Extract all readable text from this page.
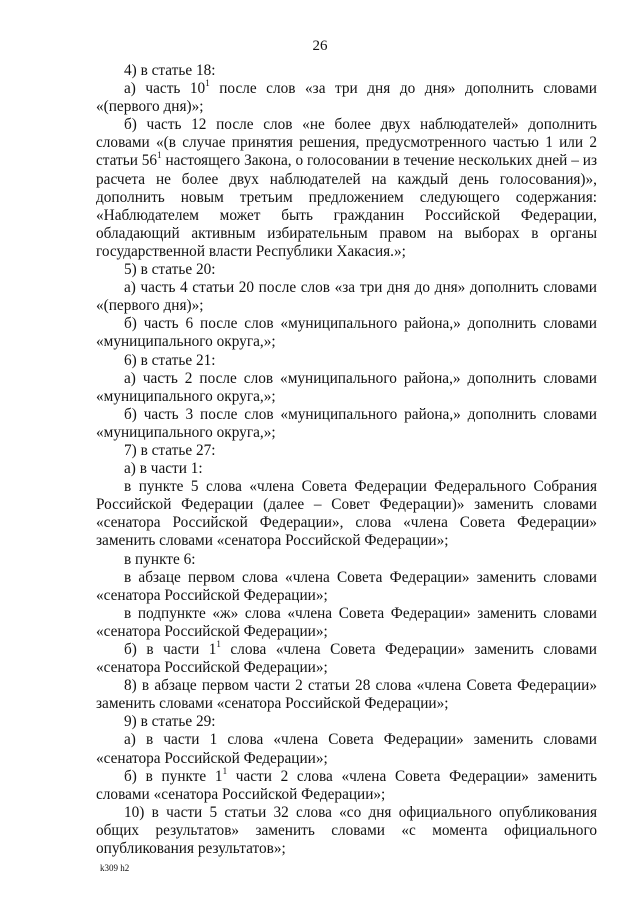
26

4) в статье 18:

а) часть $10^1$ после слов «за три дня до дня» дополнить словами «(первого дня)»;

б) часть 12 после слов «не более двух наблюдателей» дополнить словами «(в случае принятия решения, предусмотренного частью 1 или 2 статьи $56^1$ настоящего Закона, о голосовании в течение нескольких дней – из расчета не более двух наблюдателей на каждый день голосования)», дополнить новым третьим предложением следующего содержания: «Наблюдателем может быть гражданин Российской Федерации, обладающий активным избирательным правом на выборах в органы государственной власти Республики Хакасия.»;

5) в статье 20:

а) часть 4 статьи 20 после слов «за три дня до дня» дополнить словами «(первого дня)»;

б) часть 6 после слов «муниципального района,» дополнить словами «муниципального округа,»;

6) в статье 21:

а) часть 2 после слов «муниципального района,» дополнить словами «муниципального округа,»;

б) часть 3 после слов «муниципального района,» дополнить словами «муниципального округа,»;

7) в статье 27:

а) в части 1:

в пункте 5 слова «члена Совета Федерации Федерального Собрания Российской Федерации (далее – Совет Федерации)» заменить словами «сенатора Российской Федерации», слова «члена Совета Федерации» заменить словами «сенатора Российской Федерации»;

в пункте 6:

в абзаце первом слова «члена Совета Федерации» заменить словами «сенатора Российской Федерации»;

в подпункте «ж» слова «члена Совета Федерации» заменить словами «сенатора Российской Федерации»;

б) в части $1^1$ слова «члена Совета Федерации» заменить словами «сенатора Российской Федерации»;

8) в абзаце первом части 2 статьи 28 слова «члена Совета Федерации» заменить словами «сенатора Российской Федерации»;

9) в статье 29:

а) в части 1 слова «члена Совета Федерации» заменить словами «сенатора Российской Федерации»;

б) в пункте $1^1$ части 2 слова «члена Совета Федерации» заменить словами «сенатора Российской Федерации»;

10) в части 5 статьи 32 слова «со дня официального опубликования общих результатов» заменить словами «с момента официального опубликования результатов»;

k309 h2
